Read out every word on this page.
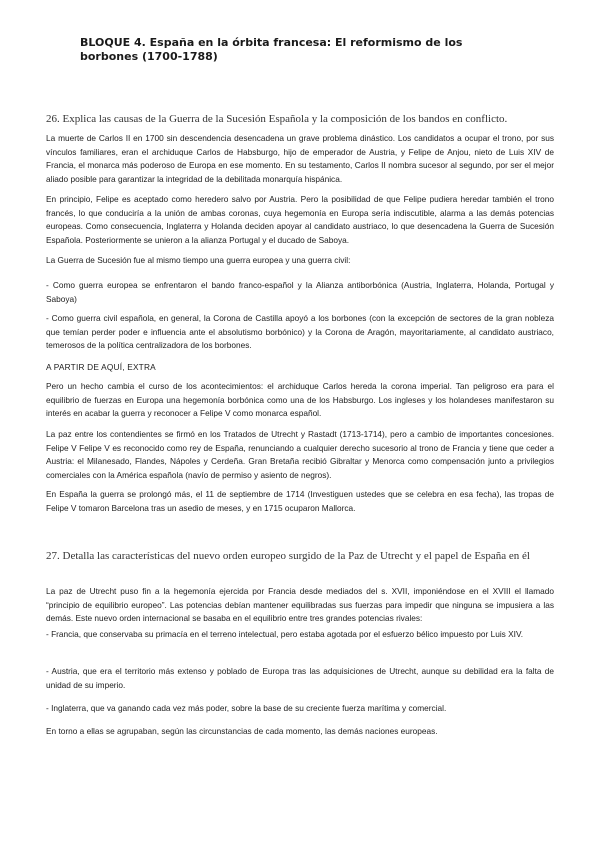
BLOQUE 4. España en la órbita francesa: El reformismo de los
borbones (1700-1788)
26. Explica las causas de la Guerra de la Sucesión Española y la composición de los bandos en conflicto.

La muerte de Carlos II en 1700 sin descendencia desencadena un grave problema dinástico. Los candidatos a ocupar el trono, por sus vínculos familiares, eran el archiduque Carlos de Habsburgo, hijo de emperador de Austria, y Felipe de Anjou, nieto de Luis XIV de Francia, el monarca más poderoso de Europa en ese momento. En su testamento, Carlos II nombra sucesor al segundo, por ser el mejor aliado posible para garantizar la integridad de la debilitada monarquía hispánica.

En principio, Felipe es aceptado como heredero salvo por Austria. Pero la posibilidad de que Felipe pudiera heredar también el trono francés, lo que conduciría a la unión de ambas coronas, cuya hegemonía en Europa sería indiscutible, alarma a las demás potencias europeas. Como consecuencia, Inglaterra y Holanda deciden apoyar al candidato austriaco, lo que desencadena la Guerra de Sucesión Española. Posteriormente se unieron a la alianza Portugal y el ducado de Saboya.

La Guerra de Sucesión fue al mismo tiempo una guerra europea y una guerra civil:

- Como guerra europea se enfrentaron el bando franco-español y la Alianza antiborbónica (Austria, Inglaterra, Holanda, Portugal y Saboya)

- Como guerra civil española, en general, la Corona de Castilla apoyó a los borbones (con la excepción de sectores de la gran nobleza que temían perder poder e influencia ante el absolutismo borbónico) y la Corona de Aragón, mayoritariamente, al candidato austriaco, temerosos de la política centralizadora de los borbones.

A PARTIR DE AQUÍ, EXTRA

Pero un hecho cambia el curso de los acontecimientos: el archiduque Carlos hereda la corona imperial. Tan peligroso era para el equilibrio de fuerzas en Europa una hegemonía borbónica como una de los Habsburgo. Los ingleses y los holandeses manifestaron su interés en acabar la guerra y reconocer a Felipe V como monarca español.

La paz entre los contendientes se firmó en los Tratados de Utrecht y Rastadt (1713-1714), pero a cambio de importantes concesiones. Felipe V Felipe V es reconocido como rey de España, renunciando a cualquier derecho sucesorio al trono de Francia y tiene que ceder a Austria: el Milanesado, Flandes, Nápoles y Cerdeña. Gran Bretaña recibió Gibraltar y Menorca como compensación junto a privilegios comerciales con la América española (navío de permiso y asiento de negros).

En España la guerra se prolongó más, el 11 de septiembre de 1714 (Investiguen ustedes que se celebra en esa fecha), las tropas de Felipe V tomaron Barcelona tras un asedio de meses, y en 1715 ocuparon Mallorca.

27. Detalla las características del nuevo orden europeo surgido de la Paz de Utrecht y el papel de España en él

La paz de Utrecht puso fin a la hegemonía ejercida por Francia desde mediados del s. XVII, imponiéndose en el XVIII el llamado “principio de equilibrio europeo”. Las potencias debían mantener equilibradas sus fuerzas para impedir que ninguna se impusiera a las demás. Este nuevo orden internacional se basaba en el equilibrio entre tres grandes potencias rivales:

- Francia, que conservaba su primacía en el terreno intelectual, pero estaba agotada por el esfuerzo bélico impuesto por Luis XIV.

- Austria, que era el territorio más extenso y poblado de Europa tras las adquisiciones de Utrecht, aunque su debilidad era la falta de unidad de su imperio.

- Inglaterra, que va ganando cada vez más poder, sobre la base de su creciente fuerza marítima y comercial.

En torno a ellas se agrupaban, según las circunstancias de cada momento, las demás naciones europeas.
